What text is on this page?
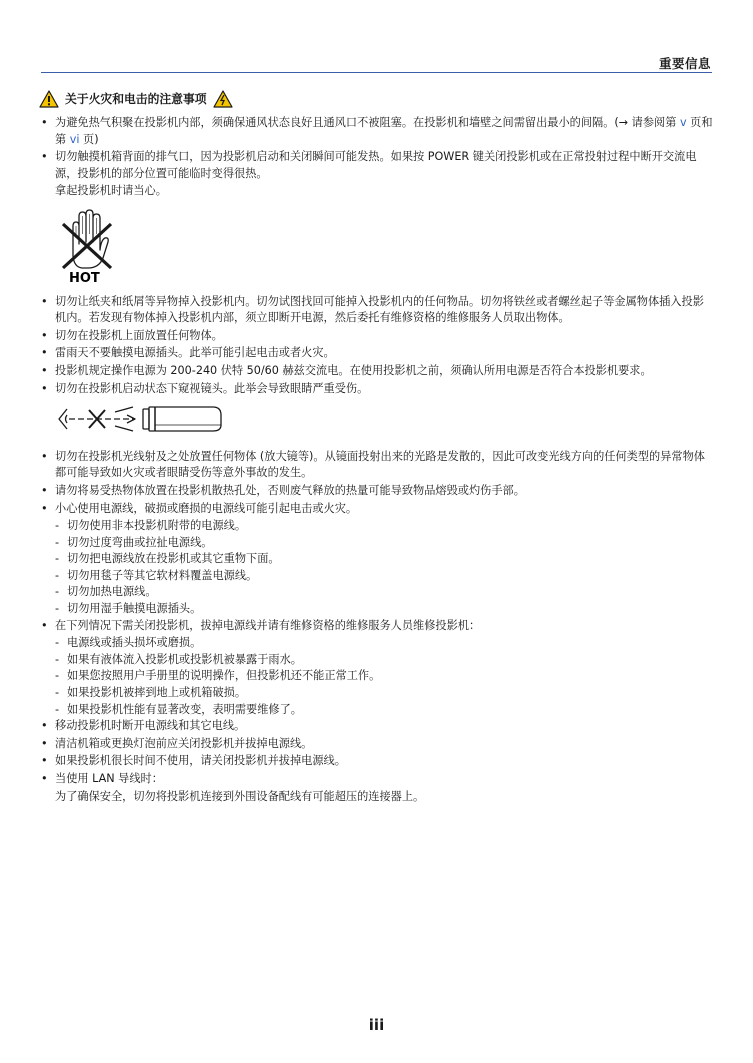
重要信息
关于火灾和电击的注意事项
• 为避免热气积聚在投影机内部，须确保通风状态良好且通风口不被阻塞。在投影机和墙壁之间需留出最小的间隔。(→ 请参阅第 v 页和第 vi 页)
• 切勿触摸机箱背面的排气口，因为投影机启动和关闭瞬间可能发热。如果按 POWER 键关闭投影机或在正常投射过程中断开交流电源，投影机的部分位置可能临时变得很热。
拿起投影机时请当心。
HOT
• 切勿让纸夹和纸屑等异物掉入投影机内。切勿试图找回可能掉入投影机内的任何物品。切勿将铁丝或者螺丝起子等金属物体插入投影机内。若发现有物体掉入投影机内部，须立即断开电源，然后委托有维修资格的维修服务人员取出物体。
• 切勿在投影机上面放置任何物体。
• 雷雨天不要触摸电源插头。此举可能引起电击或者火灾。
• 投影机规定操作电源为 200-240 伏特 50/60 赫兹交流电。在使用投影机之前，须确认所用电源是否符合本投影机要求。
• 切勿在投影机启动状态下窥视镜头。此举会导致眼睛严重受伤。
• 切勿在投影机光线射及之处放置任何物体 (放大镜等)。从镜面投射出来的光路是发散的，因此可改变光线方向的任何类型的异常物体都可能导致如火灾或者眼睛受伤等意外事故的发生。
• 请勿将易受热物体放置在投影机散热孔处，否则废气释放的热量可能导致物品熔毁或灼伤手部。
• 小心使用电源线，破损或磨损的电源线可能引起电击或火灾。
- 切勿使用非本投影机附带的电源线。
- 切勿过度弯曲或拉扯电源线。
- 切勿把电源线放在投影机或其它重物下面。
- 切勿用毯子等其它软材料覆盖电源线。
- 切勿加热电源线。
- 切勿用湿手触摸电源插头。
• 在下列情况下需关闭投影机，拔掉电源线并请有维修资格的维修服务人员维修投影机：
- 电源线或插头损坏或磨损。
- 如果有液体流入投影机或投影机被暴露于雨水。
- 如果您按照用户手册里的说明操作，但投影机还不能正常工作。
- 如果投影机被摔到地上或机箱破损。
- 如果投影机性能有显著改变，表明需要维修了。
• 移动投影机时断开电源线和其它电线。
• 清洁机箱或更换灯泡前应关闭投影机并拔掉电源线。
• 如果投影机很长时间不使用，请关闭投影机并拔掉电源线。
• 当使用 LAN 导线时：
为了确保安全，切勿将投影机连接到外围设备配线有可能超压的连接器上。
iii
